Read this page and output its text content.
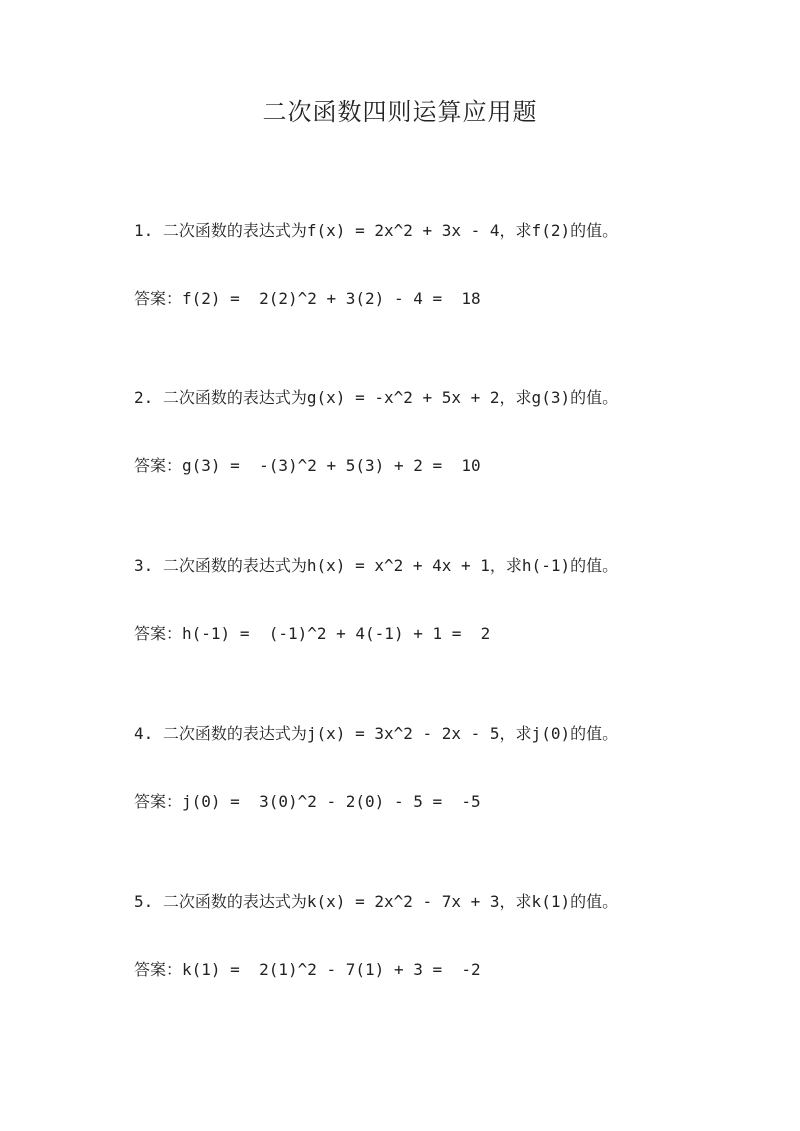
二次函数四则运算应用题
1. 二次函数的表达式为f(x) = 2x^2 + 3x - 4，求f(2)的值。
答案：f(2) =  2(2)^2 + 3(2) - 4 =  18
2. 二次函数的表达式为g(x) = -x^2 + 5x + 2，求g(3)的值。
答案：g(3) =  -(3)^2 + 5(3) + 2 =  10
3. 二次函数的表达式为h(x) = x^2 + 4x + 1，求h(-1)的值。
答案：h(-1) =  (-1)^2 + 4(-1) + 1 =  2
4. 二次函数的表达式为j(x) = 3x^2 - 2x - 5，求j(0)的值。
答案：j(0) =  3(0)^2 - 2(0) - 5 =  -5
5. 二次函数的表达式为k(x) = 2x^2 - 7x + 3，求k(1)的值。
答案：k(1) =  2(1)^2 - 7(1) + 3 =  -2
